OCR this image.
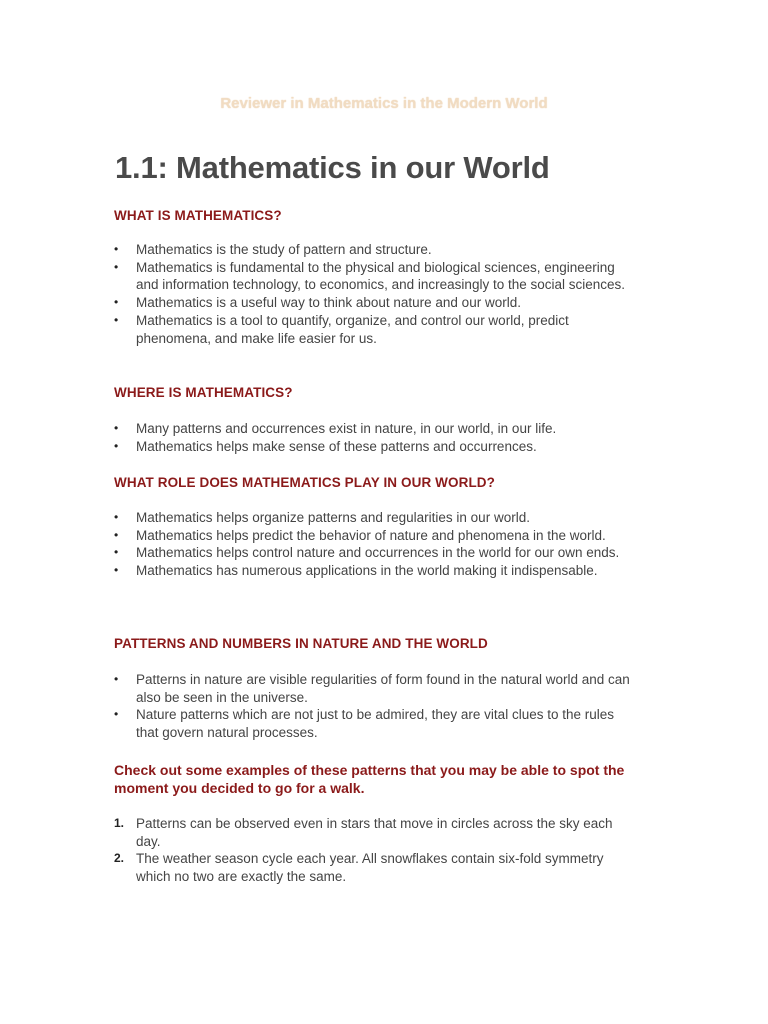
Reviewer in Mathematics in the Modern World
1.1: Mathematics in our World
WHAT IS MATHEMATICS?
• Mathematics is the study of pattern and structure.
• Mathematics is fundamental to the physical and biological sciences, engineering and information technology, to economics, and increasingly to the social sciences.
• Mathematics is a useful way to think about nature and our world.
• Mathematics is a tool to quantify, organize, and control our world, predict phenomena, and make life easier for us.
WHERE IS MATHEMATICS?
• Many patterns and occurrences exist in nature, in our world, in our life.
• Mathematics helps make sense of these patterns and occurrences.
WHAT ROLE DOES MATHEMATICS PLAY IN OUR WORLD?
• Mathematics helps organize patterns and regularities in our world.
• Mathematics helps predict the behavior of nature and phenomena in the world.
• Mathematics helps control nature and occurrences in the world for our own ends.
• Mathematics has numerous applications in the world making it indispensable.
PATTERNS AND NUMBERS IN NATURE AND THE WORLD
• Patterns in nature are visible regularities of form found in the natural world and can also be seen in the universe.
• Nature patterns which are not just to be admired, they are vital clues to the rules that govern natural processes.

Check out some examples of these patterns that you may be able to spot the moment you decided to go for a walk.

1. Patterns can be observed even in stars that move in circles across the sky each day.
2. The weather season cycle each year. All snowflakes contain six-fold symmetry which no two are exactly the same.
